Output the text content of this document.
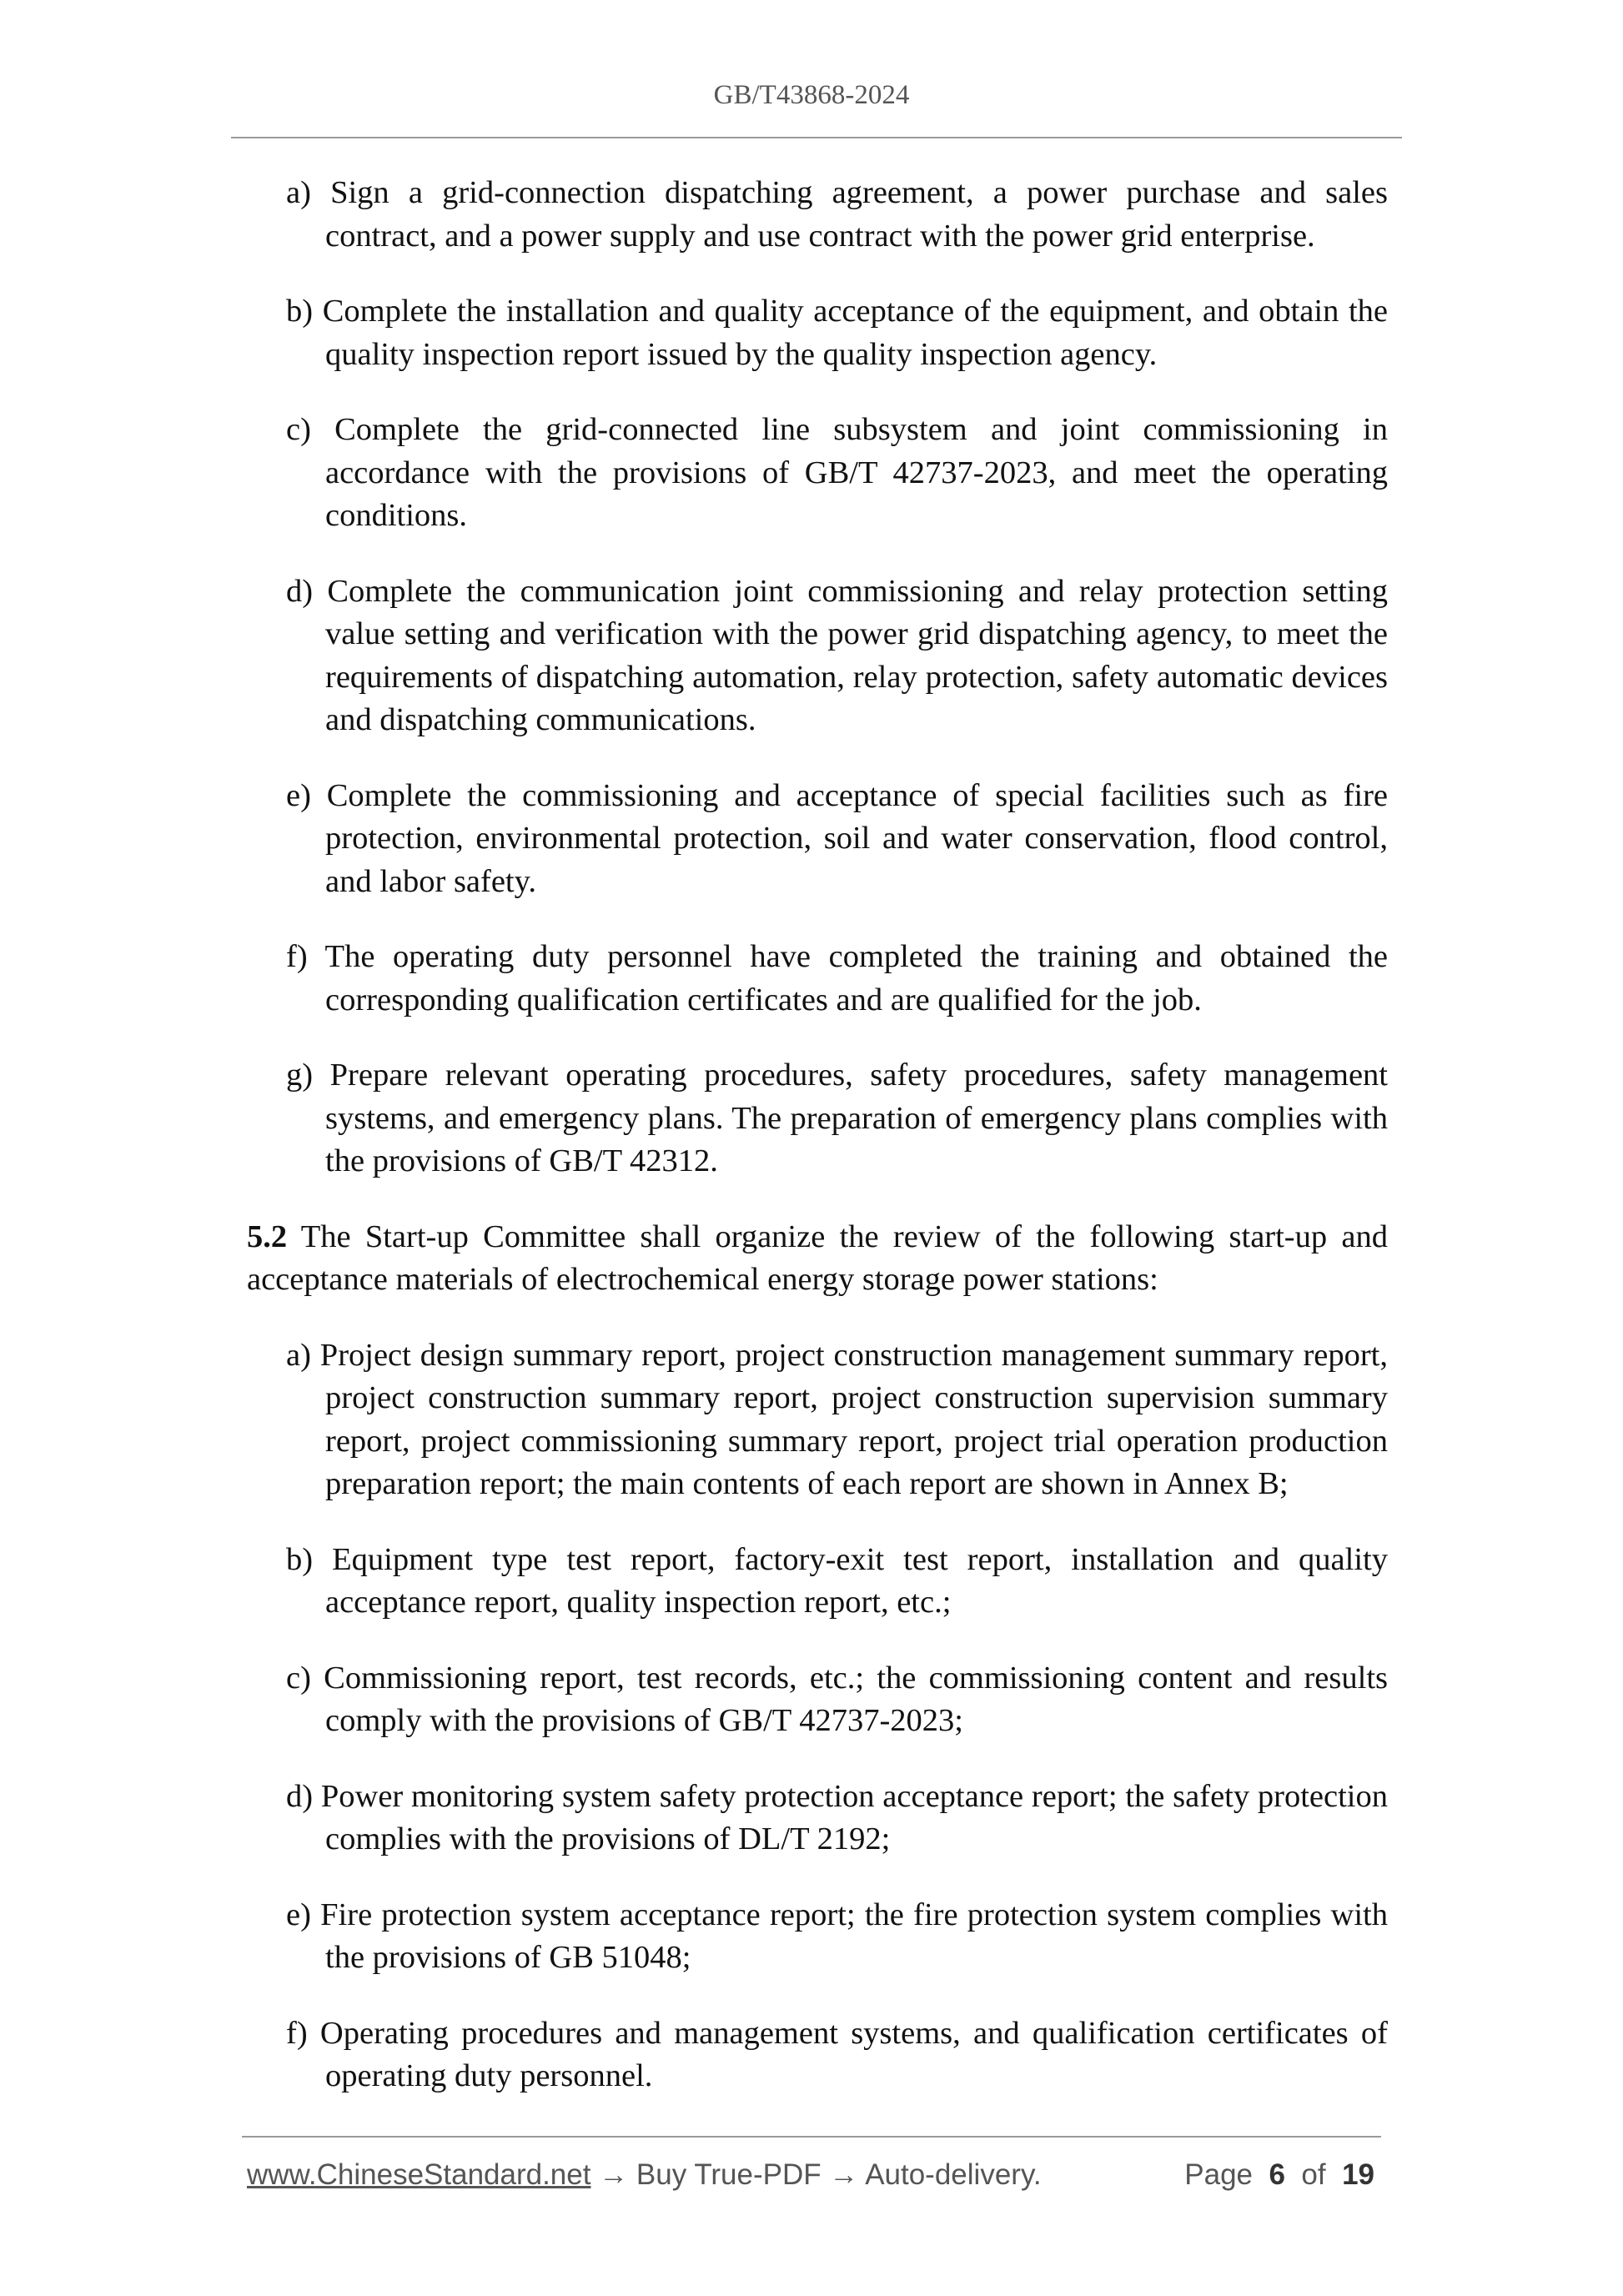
GB/T43868-2024

a) Sign a grid-connection dispatching agreement, a power purchase and sales contract, and a power supply and use contract with the power grid enterprise.

b) Complete the installation and quality acceptance of the equipment, and obtain the quality inspection report issued by the quality inspection agency.

c) Complete the grid-connected line subsystem and joint commissioning in accordance with the provisions of GB/T 42737-2023, and meet the operating conditions.

d) Complete the communication joint commissioning and relay protection setting value setting and verification with the power grid dispatching agency, to meet the requirements of dispatching automation, relay protection, safety automatic devices and dispatching communications.

e) Complete the commissioning and acceptance of special facilities such as fire protection, environmental protection, soil and water conservation, flood control, and labor safety.

f) The operating duty personnel have completed the training and obtained the corresponding qualification certificates and are qualified for the job.

g) Prepare relevant operating procedures, safety procedures, safety management systems, and emergency plans. The preparation of emergency plans complies with the provisions of GB/T 42312.

5.2 The Start-up Committee shall organize the review of the following start-up and acceptance materials of electrochemical energy storage power stations:

a) Project design summary report, project construction management summary report, project construction summary report, project construction supervision summary report, project commissioning summary report, project trial operation production preparation report; the main contents of each report are shown in Annex B;

b) Equipment type test report, factory-exit test report, installation and quality acceptance report, quality inspection report, etc.;

c) Commissioning report, test records, etc.; the commissioning content and results comply with the provisions of GB/T 42737-2023;

d) Power monitoring system safety protection acceptance report; the safety protection complies with the provisions of DL/T 2192;

e) Fire protection system acceptance report; the fire protection system complies with the provisions of GB 51048;

f) Operating procedures and management systems, and qualification certificates of operating duty personnel.

www.ChineseStandard.net → Buy True-PDF → Auto-delivery.	Page 6 of 19
